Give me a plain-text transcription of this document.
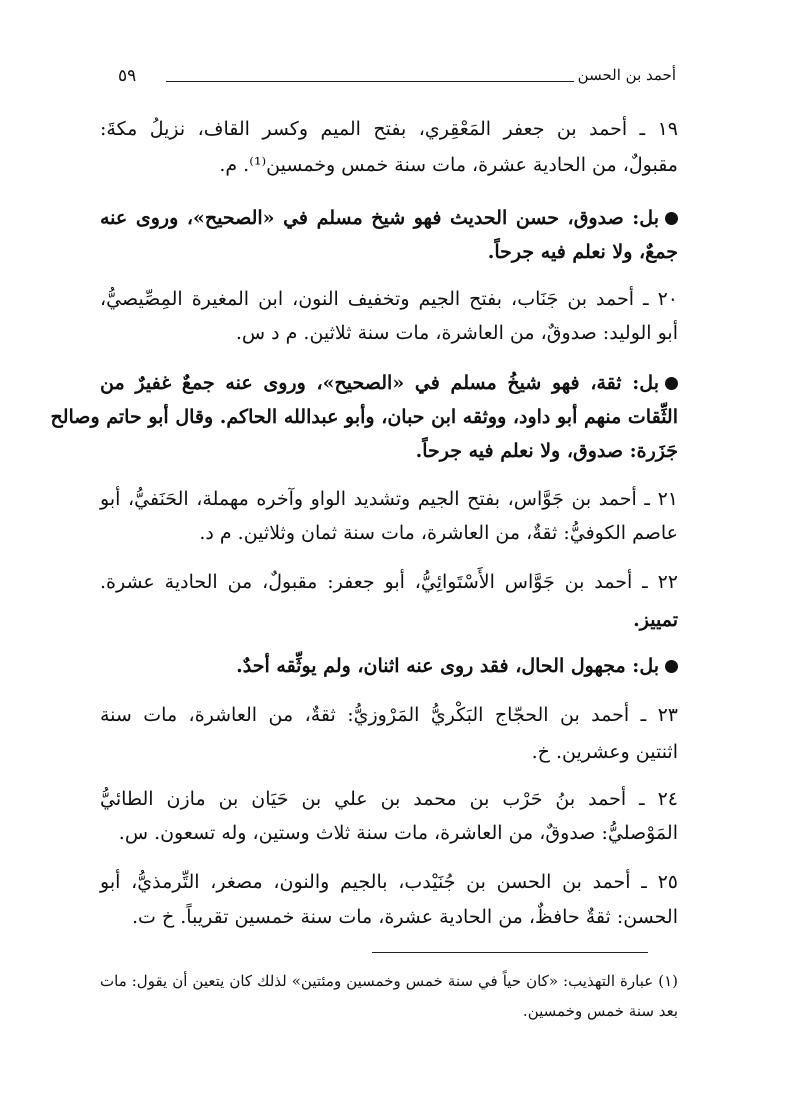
٥٩	أحمد بن الحسن
١٩ ـ أحمد بن جعفر المَعْقِري، بفتح الميم وكسر القاف، نزيلُ مكةَ:
مقبولٌ، من الحادية عشرة، مات سنة خمس وخمسين⁽¹⁾. م.
بل: صدوق، حسن الحديث فهو شيخ مسلم في «الصحيح»، وروى عنه
جمعٌ، ولا نعلم فيه جرحاً.
٢٠ ـ أحمد بن جَنَاب، بفتح الجيم وتخفيف النون، ابن المغيرة المِصِّيصيُّ،
أبو الوليد: صدوقٌ، من العاشرة، مات سنة ثلاثين. م د س.
بل: ثقة، فهو شيخُ مسلم في «الصحيح»، وروى عنه جمعٌ غفيرٌ من
الثِّقات منهم أبو داود، ووثقه ابن حبان، وأبو عبدالله الحاكم. وقال أبو حاتم وصالح
جَزَرة: صدوق، ولا نعلم فيه جرحاً.
٢١ ـ أحمد بن جَوَّاس، بفتح الجيم وتشديد الواو وآخره مهملة، الحَنَفيُّ، أبو
عاصم الكوفيُّ: ثقةٌ، من العاشرة، مات سنة ثمان وثلاثين. م د.
٢٢ ـ أحمد بن جَوَّاس الأَسْتَوائِيُّ، أبو جعفر: مقبولٌ، من الحادية عشرة.
تمييز.
بل: مجهول الحال، فقد روى عنه اثنان، ولم يوثِّقه أحدٌ.
٢٣ ـ أحمد بن الحجّاج البَكْريُّ المَرْوزيُّ: ثقةٌ، من العاشرة، مات سنة
اثنتين وعشرين. خ.
٢٤ ـ أحمد بنُ حَرْب بن محمد بن علي بن حَيَان بن مازن الطائيُّ
المَوْصليُّ: صدوقٌ، من العاشرة، مات سنة ثلاث وستين، وله تسعون. س.
٢٥ ـ أحمد بن الحسن بن جُنَيْدب، بالجيم والنون، مصغر، التِّرمذيُّ، أبو
الحسن: ثقةٌ حافظٌ، من الحادية عشرة، مات سنة خمسين تقريباً. خ ت.
(١) عبارة التهذيب: «كان حياً في سنة خمس وخمسين ومئتين» لذلك كان يتعين أن يقول: مات
بعد سنة خمس وخمسين.
